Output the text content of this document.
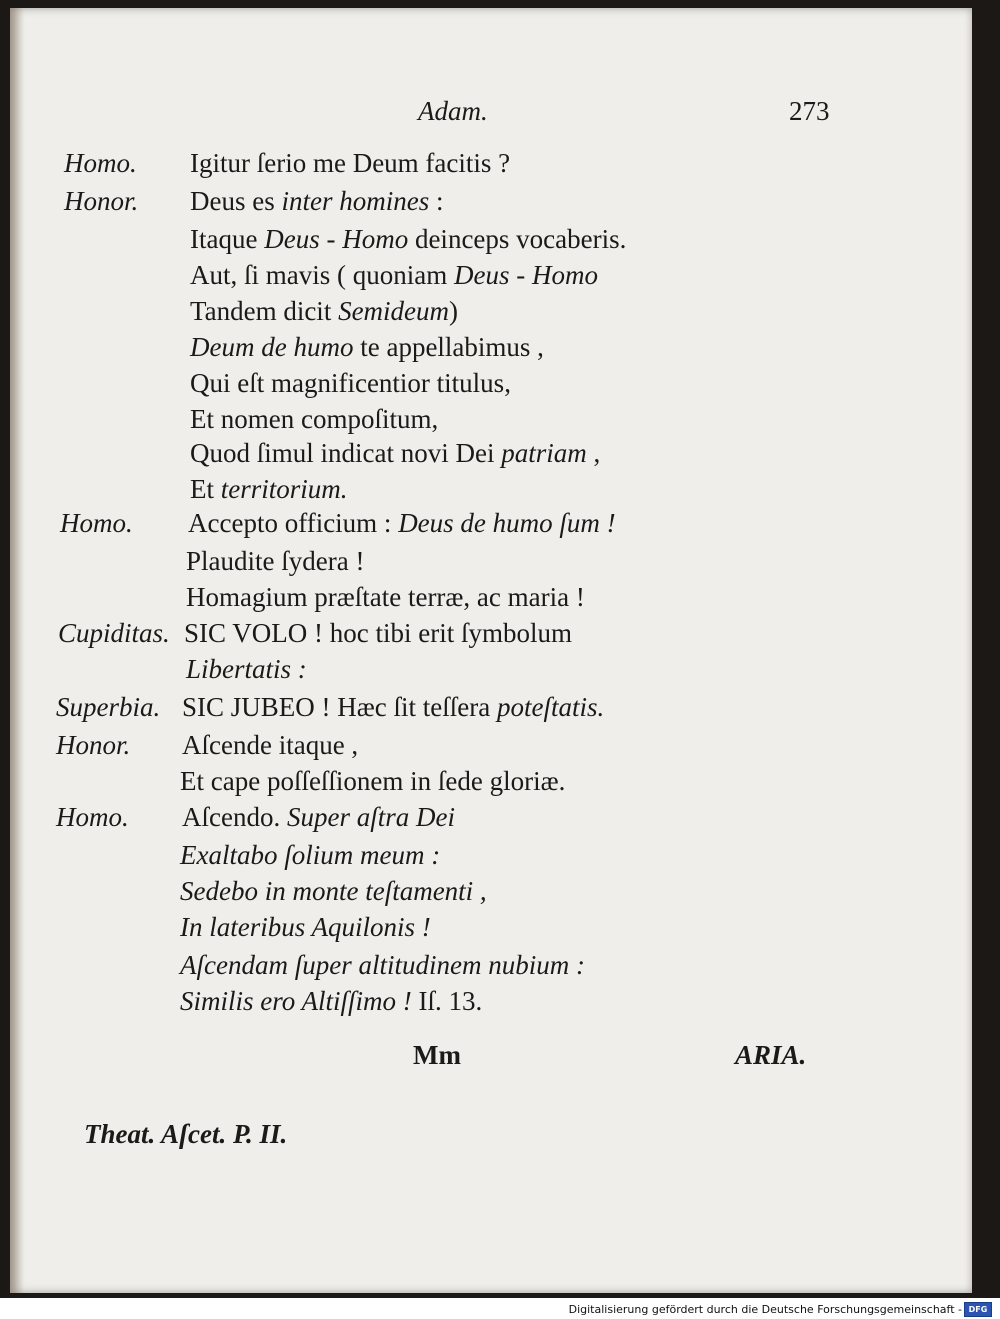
Adam.	273
Homo. Igitur ſerio me Deum facitis ?
Honor. Deus es inter homines :
Itaque Deus - Homo deinceps vocaberis.
Aut, ſi mavis ( quoniam Deus - Homo
Tandem dicit Semideum)
Deum de humo te appellabimus ,
Qui eſt magnificentior titulus,
Et nomen compoſitum,
Quod ſimul indicat novi Dei patriam ,
Et territorium.
Homo. Accepto officium : Deus de humo ſum !
Plaudite ſydera !
Homagium præſtate terræ, ac maria !
Cupiditas. SIC VOLO ! hoc tibi erit ſymbolum
Libertatis :
Superbia. SIC JUBEO ! Hæc ſit teſſera poteſtatis.
Honor. Aſcende itaque ,
Et cape poſſeſſionem in ſede gloriæ.
Homo. Aſcendo. Super aſtra Dei
Exaltabo ſolium meum :
Sedebo in monte teſtamenti ,
In lateribus Aquilonis !
Aſcendam ſuper altitudinem nubium :
Similis ero Altiſſimo ! Iſ. 13.
Mm	ARIA.
Theat. Aſcet. P. II.
Digitalisierung gefördert durch die Deutsche Forschungsgemeinschaft - DFG
